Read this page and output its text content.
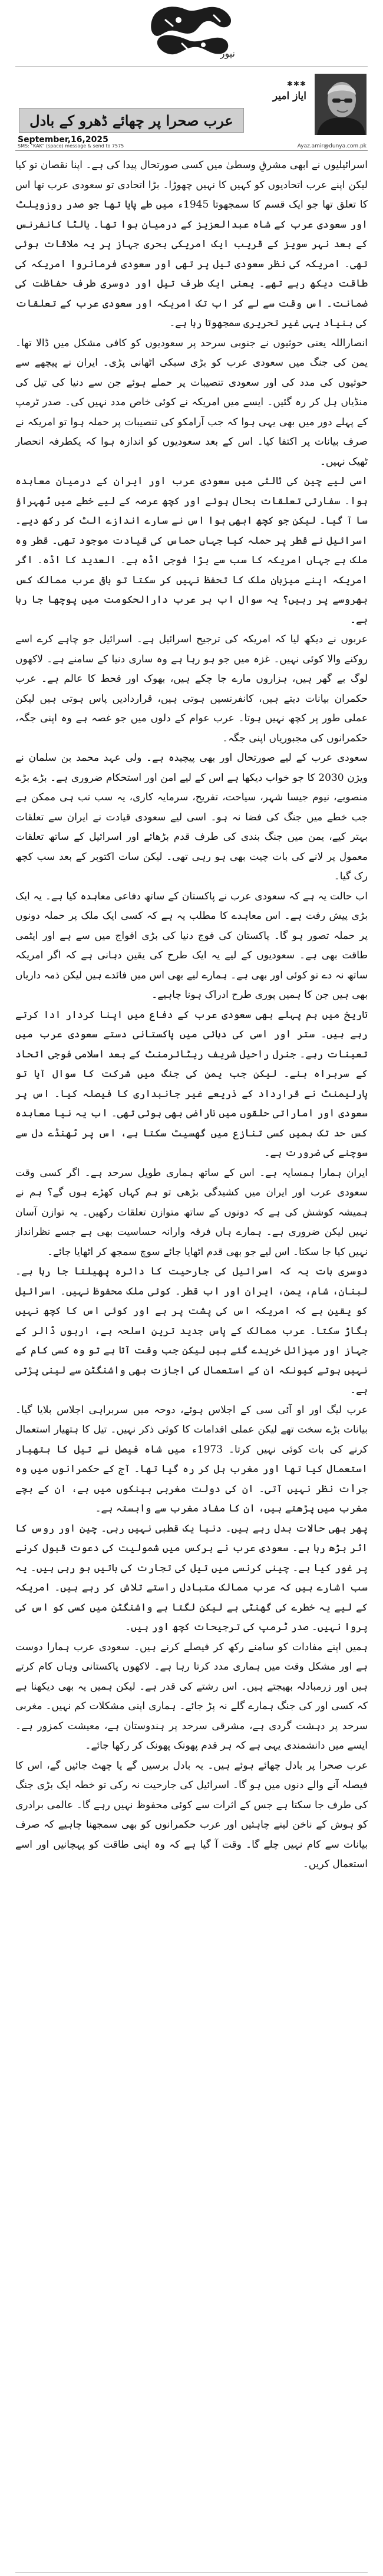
نیوز
✱✱✱
ایاز امیر
عرب صحرا پر چھائے ڈھرو کے بادل
September,16,2025
SMS: "KAK" (space) message & send to 7575	Ayaz.amir@dunya.com.pk

اسرائیلیوں نے ابھی مشرقِ وسطیٰ میں کسی صورتحال پیدا کی ہے۔ اپنا نقصان تو کیا لیکن اپنے عرب اتحادیوں کو کہیں کا نہیں چھوڑا۔ بڑا اتحادی تو سعودی عرب تھا اس کا تعلق تھا جو ایک قسم کا سمجھوتا 1945ء میں طے پایا تھا جو صدر روزویلٹ اور سعودی عرب کے شاہ عبدالعزیز کے درمیان ہوا تھا۔ یالٹا کانفرنس کے بعد نہر سویز کے قریب ایک امریکی بحری جہاز پر یہ ملاقات ہوئی تھی۔ امریکہ کی نظر سعودی تیل پر تھی اور سعودی فرمانروا امریکہ کی طاقت دیکھ رہے تھے۔ یعنی ایک طرف تیل اور دوسری طرف حفاظت کی ضمانت۔ اس وقت سے لے کر اب تک امریکہ اور سعودی عرب کے تعلقات کی بنیاد یہی غیر تحریری سمجھوتا رہا ہے۔

انصاراللہ یعنی حوثیوں نے جنوبی سرحد پر سعودیوں کو کافی مشکل میں ڈالا تھا۔ یمن کی جنگ میں سعودی عرب کو بڑی سبکی اٹھانی پڑی۔ ایران نے پیچھے سے حوثیوں کی مدد کی اور سعودی تنصیبات پر حملے ہوئے جن سے دنیا کی تیل کی منڈیاں ہل کر رہ گئیں۔ ایسے میں امریکہ نے کوئی خاص مدد نہیں کی۔ صدر ٹرمپ کے پہلے دور میں بھی یہی ہوا کہ جب آرامکو کی تنصیبات پر حملہ ہوا تو امریکہ نے صرف بیانات پر اکتفا کیا۔ اس کے بعد سعودیوں کو اندازہ ہوا کہ یکطرفہ انحصار ٹھیک نہیں۔

اسی لیے چین کی ثالثی میں سعودی عرب اور ایران کے درمیان معاہدہ ہوا۔ سفارتی تعلقات بحال ہوئے اور کچھ عرصہ کے لیے خطے میں ٹھہراؤ سا آ گیا۔ لیکن جو کچھ ابھی ہوا اس نے سارے اندازے الٹ کر رکھ دیے۔ اسرائیل نے قطر پر حملہ کیا جہاں حماس کی قیادت موجود تھی۔ قطر وہ ملک ہے جہاں امریکہ کا سب سے بڑا فوجی اڈہ ہے۔ العدید کا اڈہ۔ اگر امریکہ اپنے میزبان ملک کا تحفظ نہیں کر سکتا تو باقی عرب ممالک کس بھروسے پر رہیں؟ یہ سوال اب ہر عرب دارالحکومت میں پوچھا جا رہا ہے۔

عربوں نے دیکھ لیا کہ امریکہ کی ترجیح اسرائیل ہے۔ اسرائیل جو چاہے کرے اسے روکنے والا کوئی نہیں۔ غزہ میں جو ہو رہا ہے وہ ساری دنیا کے سامنے ہے۔ لاکھوں لوگ بے گھر ہیں، ہزاروں مارے جا چکے ہیں، بھوک اور قحط کا عالم ہے۔ عرب حکمران بیانات دیتے ہیں، کانفرنسیں ہوتی ہیں، قراردادیں پاس ہوتی ہیں لیکن عملی طور پر کچھ نہیں ہوتا۔ عرب عوام کے دلوں میں جو غصہ ہے وہ اپنی جگہ، حکمرانوں کی مجبوریاں اپنی جگہ۔

سعودی عرب کے لیے صورتحال اور بھی پیچیدہ ہے۔ ولی عہد محمد بن سلمان نے ویژن 2030 کا جو خواب دیکھا ہے اس کے لیے امن اور استحکام ضروری ہے۔ بڑے بڑے منصوبے، نیوم جیسا شہر، سیاحت، تفریح، سرمایہ کاری، یہ سب تب ہی ممکن ہے جب خطے میں جنگ کی فضا نہ ہو۔ اسی لیے سعودی قیادت نے ایران سے تعلقات بہتر کیے، یمن میں جنگ بندی کی طرف قدم بڑھائے اور اسرائیل کے ساتھ تعلقات معمول پر لانے کی بات چیت بھی ہو رہی تھی۔ لیکن سات اکتوبر کے بعد سب کچھ رک گیا۔

اب حالت یہ ہے کہ سعودی عرب نے پاکستان کے ساتھ دفاعی معاہدہ کیا ہے۔ یہ ایک بڑی پیش رفت ہے۔ اس معاہدے کا مطلب یہ ہے کہ کسی ایک ملک پر حملہ دونوں پر حملہ تصور ہو گا۔ پاکستان کی فوج دنیا کی بڑی افواج میں سے ہے اور ایٹمی طاقت بھی ہے۔ سعودیوں کے لیے یہ ایک طرح کی یقین دہانی ہے کہ اگر امریکہ ساتھ نہ دے تو کوئی اور بھی ہے۔ ہمارے لیے بھی اس میں فائدے ہیں لیکن ذمہ داریاں بھی ہیں جن کا ہمیں پوری طرح ادراک ہونا چاہیے۔

تاریخ میں ہم پہلے بھی سعودی عرب کے دفاع میں اپنا کردار ادا کرتے رہے ہیں۔ ستر اور اسی کی دہائی میں پاکستانی دستے سعودی عرب میں تعینات رہے۔ جنرل راحیل شریف ریٹائرمنٹ کے بعد اسلامی فوجی اتحاد کے سربراہ بنے۔ لیکن جب یمن کی جنگ میں شرکت کا سوال آیا تو پارلیمنٹ نے قرارداد کے ذریعے غیر جانبداری کا فیصلہ کیا۔ اس پر سعودی اور اماراتی حلقوں میں ناراضی بھی ہوئی تھی۔ اب یہ نیا معاہدہ کس حد تک ہمیں کسی تنازع میں گھسیٹ سکتا ہے، اس پر ٹھنڈے دل سے سوچنے کی ضرورت ہے۔

ایران ہمارا ہمسایہ ہے۔ اس کے ساتھ ہماری طویل سرحد ہے۔ اگر کسی وقت سعودی عرب اور ایران میں کشیدگی بڑھی تو ہم کہاں کھڑے ہوں گے؟ ہم نے ہمیشہ کوشش کی ہے کہ دونوں کے ساتھ متوازن تعلقات رکھیں۔ یہ توازن آسان نہیں لیکن ضروری ہے۔ ہمارے ہاں فرقہ وارانہ حساسیت بھی ہے جسے نظرانداز نہیں کیا جا سکتا۔ اس لیے جو بھی قدم اٹھایا جائے سوچ سمجھ کر اٹھایا جائے۔

دوسری بات یہ کہ اسرائیل کی جارحیت کا دائرہ پھیلتا جا رہا ہے۔ لبنان، شام، یمن، ایران اور اب قطر۔ کوئی ملک محفوظ نہیں۔ اسرائیل کو یقین ہے کہ امریکہ اس کی پشت پر ہے اور کوئی اس کا کچھ نہیں بگاڑ سکتا۔ عرب ممالک کے پاس جدید ترین اسلحہ ہے، اربوں ڈالر کے جہاز اور میزائل خریدے گئے ہیں لیکن جب وقت آتا ہے تو وہ کسی کام کے نہیں ہوتے کیونکہ ان کے استعمال کی اجازت بھی واشنگٹن سے لینی پڑتی ہے۔

عرب لیگ اور او آئی سی کے اجلاس ہوئے، دوحہ میں سربراہی اجلاس بلایا گیا۔ بیانات بڑے سخت تھے لیکن عملی اقدامات کا کوئی ذکر نہیں۔ تیل کا ہتھیار استعمال کرنے کی بات کوئی نہیں کرتا۔ 1973ء میں شاہ فیصل نے تیل کا ہتھیار استعمال کیا تھا اور مغرب ہل کر رہ گیا تھا۔ آج کے حکمرانوں میں وہ جرأت نظر نہیں آتی۔ ان کی دولت مغربی بینکوں میں ہے، ان کے بچے مغرب میں پڑھتے ہیں، ان کا مفاد مغرب سے وابستہ ہے۔

پھر بھی حالات بدل رہے ہیں۔ دنیا یک قطبی نہیں رہی۔ چین اور روس کا اثر بڑھ رہا ہے۔ سعودی عرب نے برکس میں شمولیت کی دعوت قبول کرنے پر غور کیا ہے۔ چینی کرنسی میں تیل کی تجارت کی باتیں ہو رہی ہیں۔ یہ سب اشارے ہیں کہ عرب ممالک متبادل راستے تلاش کر رہے ہیں۔ امریکہ کے لیے یہ خطرے کی گھنٹی ہے لیکن لگتا ہے واشنگٹن میں کسی کو اس کی پروا نہیں۔ صدر ٹرمپ کی ترجیحات کچھ اور ہیں۔

ہمیں اپنے مفادات کو سامنے رکھ کر فیصلے کرنے ہیں۔ سعودی عرب ہمارا دوست ہے اور مشکل وقت میں ہماری مدد کرتا رہا ہے۔ لاکھوں پاکستانی وہاں کام کرتے ہیں اور زرمبادلہ بھیجتے ہیں۔ اس رشتے کی قدر ہے۔ لیکن ہمیں یہ بھی دیکھنا ہے کہ کسی اور کی جنگ ہمارے گلے نہ پڑ جائے۔ ہماری اپنی مشکلات کم نہیں۔ مغربی سرحد پر دہشت گردی ہے، مشرقی سرحد پر ہندوستان ہے، معیشت کمزور ہے۔ ایسے میں دانشمندی یہی ہے کہ ہر قدم پھونک پھونک کر رکھا جائے۔

عرب صحرا پر بادل چھائے ہوئے ہیں۔ یہ بادل برسیں گے یا چھٹ جائیں گے، اس کا فیصلہ آنے والے دنوں میں ہو گا۔ اسرائیل کی جارحیت نہ رکی تو خطہ ایک بڑی جنگ کی طرف جا سکتا ہے جس کے اثرات سے کوئی محفوظ نہیں رہے گا۔ عالمی برادری کو ہوش کے ناخن لینے چاہئیں اور عرب حکمرانوں کو بھی سمجھنا چاہیے کہ صرف بیانات سے کام نہیں چلے گا۔ وقت آ گیا ہے کہ وہ اپنی طاقت کو پہچانیں اور اسے استعمال کریں۔
